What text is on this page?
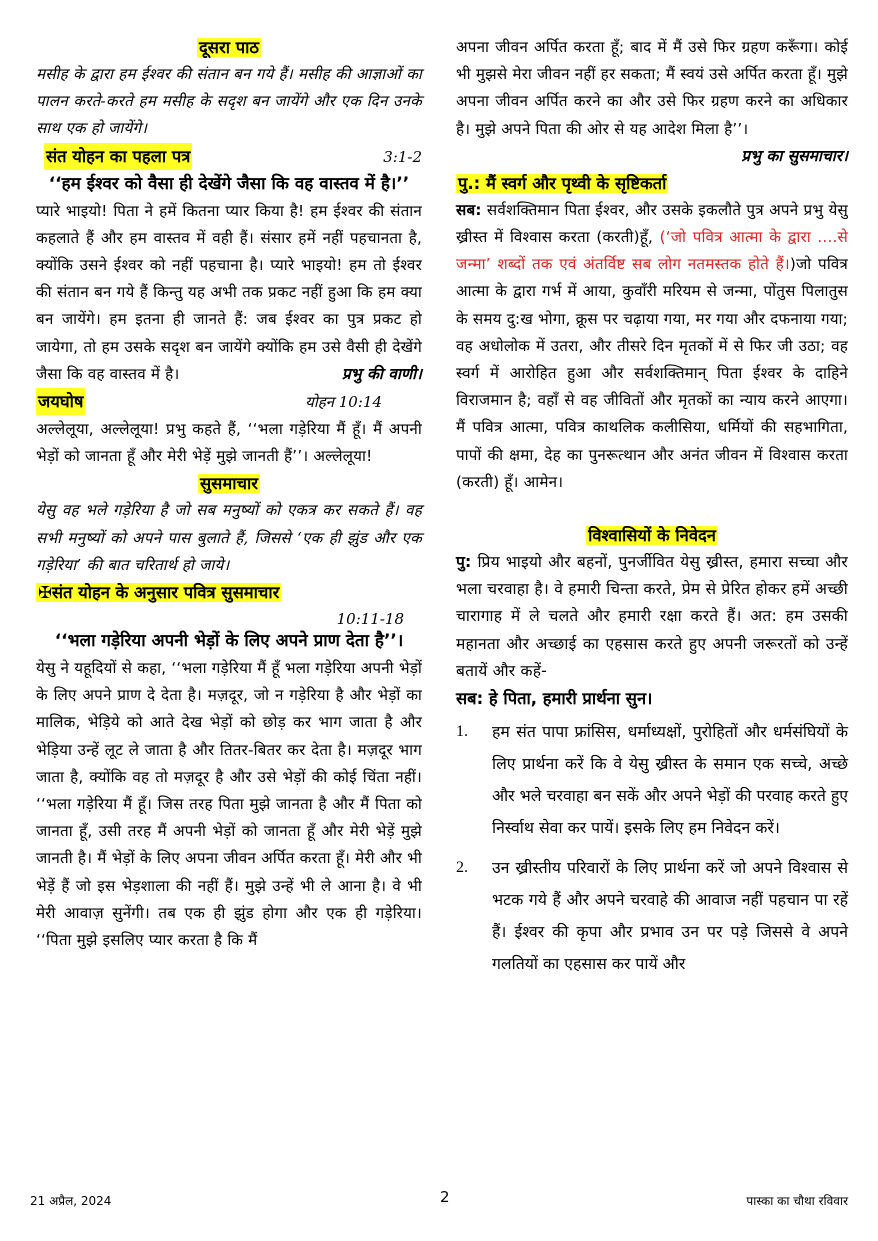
दूसरा पाठ

मसीह के द्वारा हम ईश्वर की संतान बन गये हैं। मसीह की आज्ञाओं का पालन करते-करते हम मसीह के सदृश बन जायेंगे और एक दिन उनके साथ एक हो जायेंगे।

संत योहन का पहला पत्र	3:1-2

‘‘हम ईश्वर को वैसा ही देखेंगे जैसा कि वह वास्तव में है।’’

प्यारे भाइयो! पिता ने हमें कितना प्यार किया है! हम ईश्वर की संतान कहलाते हैं और हम वास्तव में वही हैं। संसार हमें नहीं पहचानता है, क्योंकि उसने ईश्वर को नहीं पहचाना है। प्यारे भाइयो! हम तो ईश्वर की संतान बन गये हैं किन्तु यह अभी तक प्रकट नहीं हुआ कि हम क्या बन जायेंगे। हम इतना ही जानते हैं: जब ईश्वर का पुत्र प्रकट हो जायेगा, तो हम उसके सदृश बन जायेंगे क्योंकि हम उसे वैसी ही देखेंगे जैसा कि वह वास्तव में है।	प्रभु की वाणी।

जयघोष	योहन 10:14

अल्लेलूया, अल्लेलूया! प्रभु कहते हैं, ‘‘भला गड़ेरिया मैं हूँ। मैं अपनी भेड़ों को जानता हूँ और मेरी भेड़ें मुझे जानती हैं’’। अल्लेलूया!

सुसमाचार

येसु वह भले गड़ेरिया है जो सब मनुष्यों को एकत्र कर सकते हैं। वह सभी मनुष्यों को अपने पास बुलाते हैं, जिससे ‘एक ही झुंड और एक गड़ेरिया’ की बात चरितार्थ हो जाये।

✠संत योहन के अनुसार पवित्र सुसमाचार
10:11-18

‘‘भला गड़ेरिया अपनी भेड़ों के लिए अपने प्राण देता है’’।

येसु ने यहूदियों से कहा, ‘‘भला गड़ेरिया मैं हूँ भला गड़ेरिया अपनी भेड़ों के लिए अपने प्राण दे देता है। मज़दूर, जो न गड़ेरिया है और भेड़ों का मालिक, भेड़िये को आते देख भेड़ों को छोड़ कर भाग जाता है और भेड़िया उन्हें लूट ले जाता है और तितर-बितर कर देता है। मज़दूर भाग जाता है, क्योंकि वह तो मज़दूर है और उसे भेड़ों की कोई चिंता नहीं। ‘‘भला गड़ेरिया मैं हूँ। जिस तरह पिता मुझे जानता है और मैं पिता को जानता हूँ, उसी तरह मैं अपनी भेड़ों को जानता हूँ और मेरी भेड़ें मुझे जानती है। मैं भेड़ों के लिए अपना जीवन अर्पित करता हूँ। मेरी और भी भेड़ें हैं जो इस भेड़शाला की नहीं हैं। मुझे उन्हें भी ले आना है। वे भी मेरी आवाज़ सुनेंगी। तब एक ही झुंड होगा और एक ही गड़ेरिया। ‘‘पिता मुझे इसलिए प्यार करता है कि मैं

अपना जीवन अर्पित करता हूँ; बाद में मैं उसे फिर ग्रहण करूँगा। कोई भी मुझसे मेरा जीवन नहीं हर सकता; मैं स्वयं उसे अर्पित करता हूँ। मुझे अपना जीवन अर्पित करने का और उसे फिर ग्रहण करने का अधिकार है। मुझे अपने पिता की ओर से यह आदेश मिला है’’।

प्रभु का सुसमाचार।

पु.: मैं स्वर्ग और पृथ्वी के सृष्टिकर्ता

सब: सर्वशक्तिमान पिता ईश्वर, और उसके इकलौते पुत्र अपने प्रभु येसु ख्रीस्त में विश्वास करता (करती)हूँ, (‘जो पवित्र आत्मा के द्वारा ....से जन्मा’ शब्दों तक एवं अंतर्विष्ट सब लोग नतमस्तक होते हैं।)जो पवित्र आत्मा के द्वारा गर्भ में आया, कुवाँरी मरियम से जन्मा, पोंतुस पिलातुस के समय दु:ख भोगा, क्रूस पर चढ़ाया गया, मर गया और दफनाया गया; वह अधोलोक में उतरा, और तीसरे दिन मृतकों में से फिर जी उठा; वह स्वर्ग में आरोहित हुआ और सर्वशक्तिमान् पिता ईश्वर के दाहिने विराजमान है; वहाँ से वह जीवितों और मृतकों का न्याय करने आएगा। मैं पवित्र आत्मा, पवित्र काथलिक कलीसिया, धर्मियों की सहभागिता, पापों की क्षमा, देह का पुनरूत्थान और अनंत जीवन में विश्वास करता (करती) हूँ। आमेन।

विश्वासियों के निवेदन

पु: प्रिय भाइयो और बहनों, पुनर्जीवित येसु ख्रीस्त, हमारा सच्चा और भला चरवाहा है। वे हमारी चिन्ता करते, प्रेम से प्रेरित होकर हमें अच्छी चारागाह में ले चलते और हमारी रक्षा करते हैं। अत: हम उसकी महानता और अच्छाई का एहसास करते हुए अपनी जरूरतों को उन्हें बतायें और कहें-

सब: हे पिता, हमारी प्रार्थना सुन।

1.	हम संत पापा फ्रांसिस, धर्माध्यक्षों, पुरोहितों और धर्मसंघियों के लिए प्रार्थना करें कि वे येसु ख्रीस्त के समान एक सच्चे, अच्छे और भले चरवाहा बन सकें और अपने भेड़ों की परवाह करते हुए निर्स्वाथ सेवा कर पायें। इसके लिए हम निवेदन करें।
2.	उन ख्रीस्तीय परिवारों के लिए प्रार्थना करें जो अपने विश्वास से भटक गये हैं और अपने चरवाहे की आवाज नहीं पहचान पा रहें हैं। ईश्वर की कृपा और प्रभाव उन पर पड़े जिससे वे अपने गलतियों का एहसास कर पायें और
21 अप्रैल, 2024	2	पास्का का चौथा रविवार
